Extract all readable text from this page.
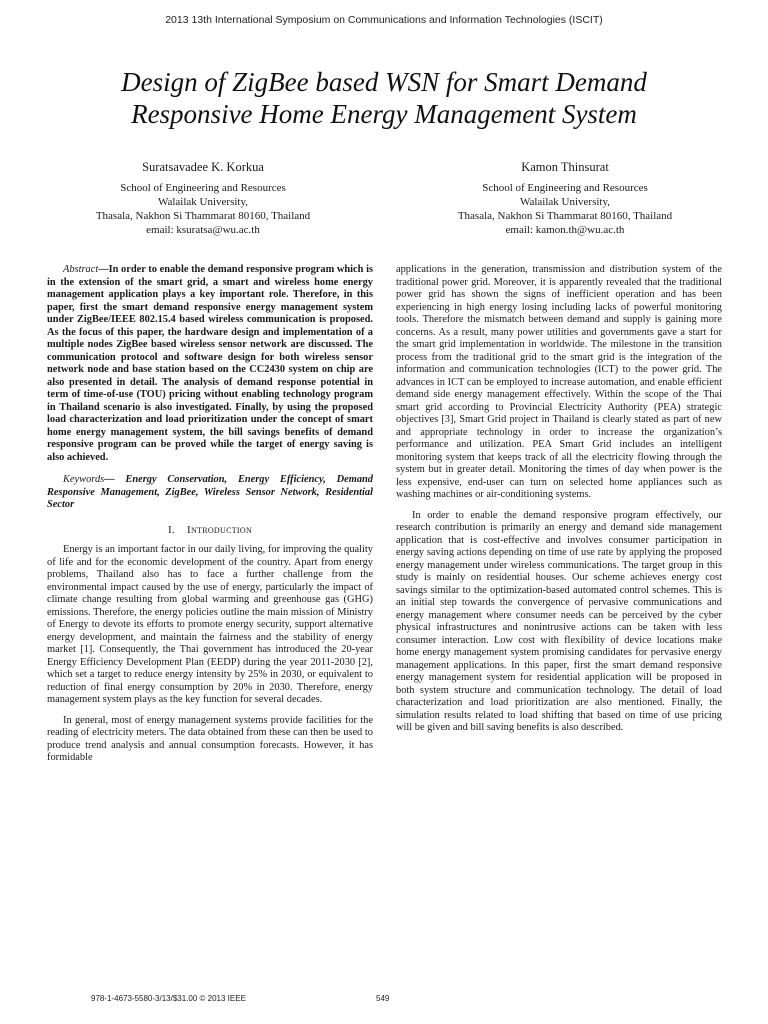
2013 13th International Symposium on Communications and Information Technologies (ISCIT)
Design of ZigBee based WSN for Smart Demand
Responsive Home Energy Management System
Suratsavadee K. Korkua
School of Engineering and Resources
Walailak University,
Thasala, Nakhon Si Thammarat 80160, Thailand
email: ksuratsa@wu.ac.th
Kamon Thinsurat
School of Engineering and Resources
Walailak University,
Thasala, Nakhon Si Thammarat 80160, Thailand
email: kamon.th@wu.ac.th
Abstract—In order to enable the demand responsive program which is in the extension of the smart grid, a smart and wireless home energy management application plays a key important role. Therefore, in this paper, first the smart demand responsive energy management system under ZigBee/IEEE 802.15.4 based wireless communication is proposed. As the focus of this paper, the hardware design and implementation of a multiple nodes ZigBee based wireless sensor network are discussed. The communication protocol and software design for both wireless sensor network node and base station based on the CC2430 system on chip are also presented in detail. The analysis of demand response potential in term of time-of-use (TOU) pricing without enabling technology program in Thailand scenario is also investigated. Finally, by using the proposed load characterization and load prioritization under the concept of smart home energy management system, the bill savings benefits of demand responsive program can be proved while the target of energy saving is also achieved.
Keywords— Energy Conservation, Energy Efficiency, Demand Responsive Management, ZigBee, Wireless Sensor Network, Residential Sector
I. Introduction

Energy is an important factor in our daily living, for improving the quality of life and for the economic development of the country. Apart from energy problems, Thailand also has to face a further challenge from the environmental impact caused by the use of energy, particularly the impact of climate change resulting from global warming and greenhouse gas (GHG) emissions. Therefore, the energy policies outline the main mission of Ministry of Energy to devote its efforts to promote energy security, support alternative energy development, and maintain the fairness and the stability of energy market [1]. Consequently, the Thai government has introduced the 20-year Energy Efficiency Development Plan (EEDP) during the year 2011-2030 [2], which set a target to reduce energy intensity by 25% in 2030, or equivalent to reduction of final energy consumption by 20% in 2030. Therefore, energy management system plays as the key function for several decades.

In general, most of energy management systems provide facilities for the reading of electricity meters. The data obtained from these can then be used to produce trend analysis and annual consumption forecasts. However, it has formidable

applications in the generation, transmission and distribution system of the traditional power grid. Moreover, it is apparently revealed that the traditional power grid has shown the signs of inefficient operation and has been experiencing in high energy losing including lacks of powerful monitoring tools. Therefore the mismatch between demand and supply is gaining more concerns. As a result, many power utilities and governments gave a start for the smart grid implementation in worldwide. The milestone in the transition process from the traditional grid to the smart grid is the integration of the information and communication technologies (ICT) to the power grid. The advances in ICT can be employed to increase automation, and enable efficient demand side energy management effectively. Within the scope of the Thai smart grid according to Provincial Electricity Authority (PEA) strategic objectives [3], Smart Grid project in Thailand is clearly stated as part of new and appropriate technology in order to increase the organization’s performance and utilization. PEA Smart Grid includes an intelligent monitoring system that keeps track of all the electricity flowing through the system but in greater detail. Monitoring the times of day when power is the less expensive, end-user can turn on selected home appliances such as washing machines or air-conditioning systems.

In order to enable the demand responsive program effectively, our research contribution is primarily an energy and demand side management application that is cost-effective and involves consumer participation in energy saving actions depending on time of use rate by applying the proposed energy management under wireless communications. The target group in this study is mainly on residential houses. Our scheme achieves energy cost savings similar to the optimization-based automated control schemes. This is an initial step towards the convergence of pervasive communications and energy management where consumer needs can be perceived by the cyber physical infrastructures and nonintrusive actions can be taken with less consumer interaction. Low cost with flexibility of device locations make home energy management system promising candidates for pervasive energy management applications. In this paper, first the smart demand responsive energy management system for residential application will be proposed in both system structure and communication technology. The detail of load characterization and load prioritization are also mentioned. Finally, the simulation results related to load shifting that based on time of use pricing will be given and bill saving benefits is also described.

978-1-4673-5580-3/13/$31.00 © 2013 IEEE	549
